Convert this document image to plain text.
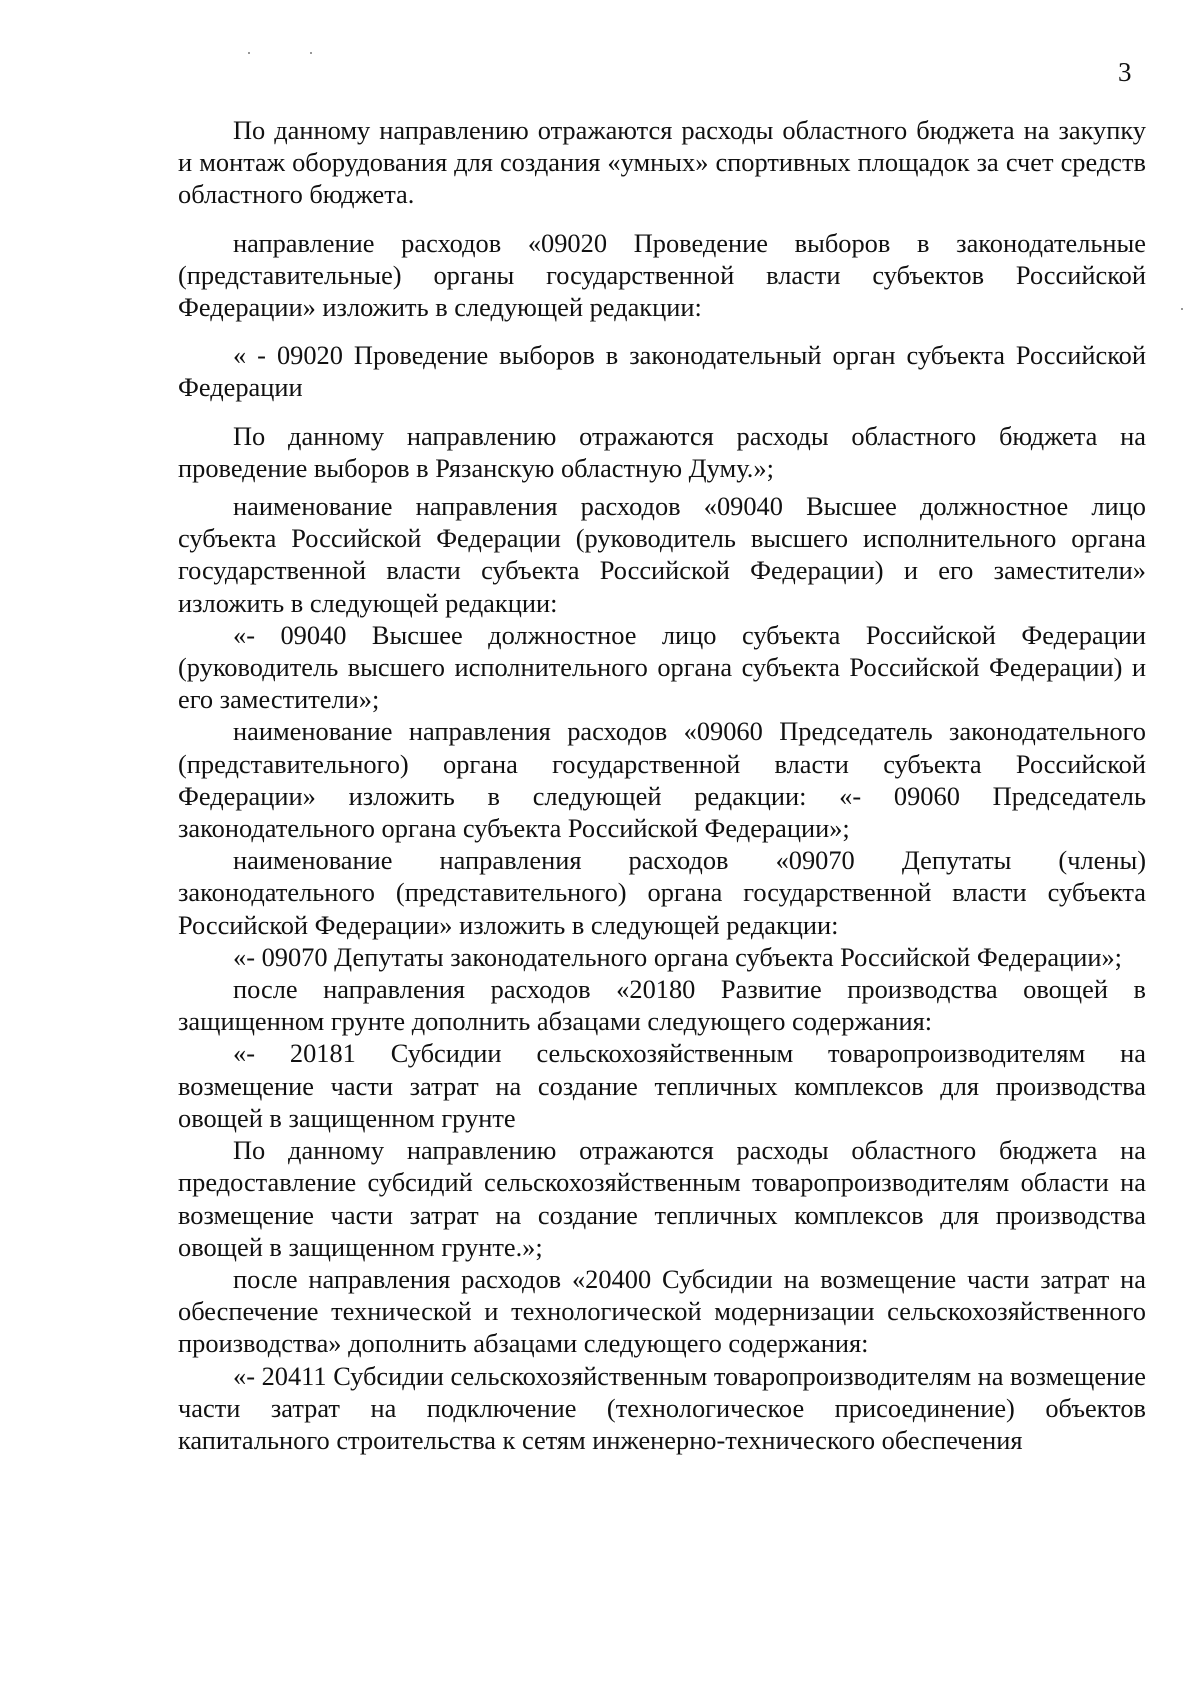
3

По данному направлению отражаются расходы областного бюджета на закупку и монтаж оборудования для создания «умных» спортивных площадок за счет средств областного бюджета.

направление расходов «09020 Проведение выборов в законодательные (представительные) органы государственной власти субъектов Российской Федерации» изложить в следующей редакции:

« - 09020 Проведение выборов в законодательный орган субъекта Российской Федерации

По данному направлению отражаются расходы областного бюджета на проведение выборов в Рязанскую областную Думу.»;

наименование направления расходов «09040 Высшее должностное лицо субъекта Российской Федерации (руководитель высшего исполнительного органа государственной власти субъекта Российской Федерации) и его заместители» изложить в следующей редакции:

«- 09040 Высшее должностное лицо субъекта Российской Федерации (руководитель высшего исполнительного органа субъекта Российской Федерации) и его заместители»;

наименование направления расходов «09060 Председатель законодательного (представительного) органа государственной власти субъекта Российской Федерации» изложить в следующей редакции: «- 09060 Председатель законодательного органа субъекта Российской Федерации»;

наименование направления расходов «09070 Депутаты (члены) законодательного (представительного) органа государственной власти субъекта Российской Федерации» изложить в следующей редакции:

«- 09070 Депутаты законодательного органа субъекта Российской Федерации»;

после направления расходов «20180 Развитие производства овощей в защищенном грунте дополнить абзацами следующего содержания:

«- 20181 Субсидии сельскохозяйственным товаропроизводителям на возмещение части затрат на создание тепличных комплексов для производства овощей в защищенном грунте

По данному направлению отражаются расходы областного бюджета на предоставление субсидий сельскохозяйственным товаропроизводителям области на возмещение части затрат на создание тепличных комплексов для производства овощей в защищенном грунте.»;

после направления расходов «20400 Субсидии на возмещение части затрат на обеспечение технической и технологической модернизации сельскохозяйственного производства» дополнить абзацами следующего содержания:

«- 20411 Субсидии сельскохозяйственным товаропроизводителям на возмещение части затрат на подключение (технологическое присоединение) объектов капитального строительства к сетям инженерно-технического обеспечения
